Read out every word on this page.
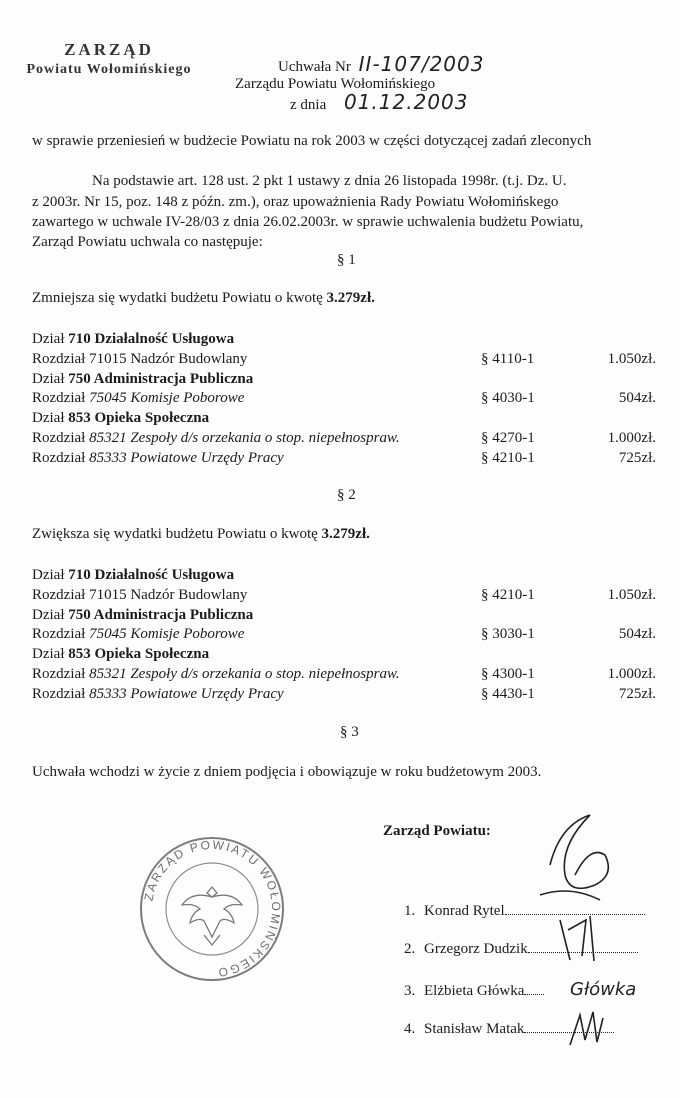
ZARZĄD
Powiatu Wołomińskiego	Uchwała Nr II-107/2003
Zarządu Powiatu Wołomińskiego
z dnia 01.12.2003
w sprawie przeniesień w budżecie Powiatu na rok 2003 w części dotyczącej zadań zleconych
Na podstawie art. 128 ust. 2 pkt 1 ustawy z dnia 26 listopada 1998r. (t.j. Dz. U.
z 2003r. Nr 15, poz. 148 z późn. zm.), oraz upoważnienia Rady Powiatu Wołomińskego
zawartego w uchwale IV-28/03 z dnia 26.02.2003r. w sprawie uchwalenia budżetu Powiatu,
Zarząd Powiatu uchwala co następuje:
§ 1
Zmniejsza się wydatki budżetu Powiatu o kwotę 3.279zł.
Dział 710 Działalność Usługowa
Rozdział 71015 Nadzór Budowlany	§ 4110-1	1.050zł.
Dział 750 Administracja Publiczna
Rozdział 75045 Komisje Poborowe	§ 4030-1	504zł.
Dział 853 Opieka Społeczna
Rozdział 85321 Zespoły d/s orzekania o stop. niepełnospraw.	§ 4270-1	1.000zł.
Rozdział 85333 Powiatowe Urzędy Pracy	§ 4210-1	725zł.
§ 2
Zwiększa się wydatki budżetu Powiatu o kwotę 3.279zł.
Dział 710 Działalność Usługowa
Rozdział 71015 Nadzór Budowlany	§ 4210-1	1.050zł.
Dział 750 Administracja Publiczna
Rozdział 75045 Komisje Poborowe	§ 3030-1	504zł.
Dział 853 Opieka Społeczna
Rozdział 85321 Zespoły d/s orzekania o stop. niepełnospraw.	§ 4300-1	1.000zł.
Rozdział 85333 Powiatowe Urzędy Pracy	§ 4430-1	725zł.
§ 3
Uchwała wchodzi w życie z dniem podjęcia i obowiązuje w roku budżetowym 2003.
Zarząd Powiatu:
1. Konrad Rytel
2. Grzegorz Dudzik
3. Elżbieta Główka
4. Stanisław Matak
ZARZĄD POWIATU WOŁOMIŃSKIEGO
Główka
